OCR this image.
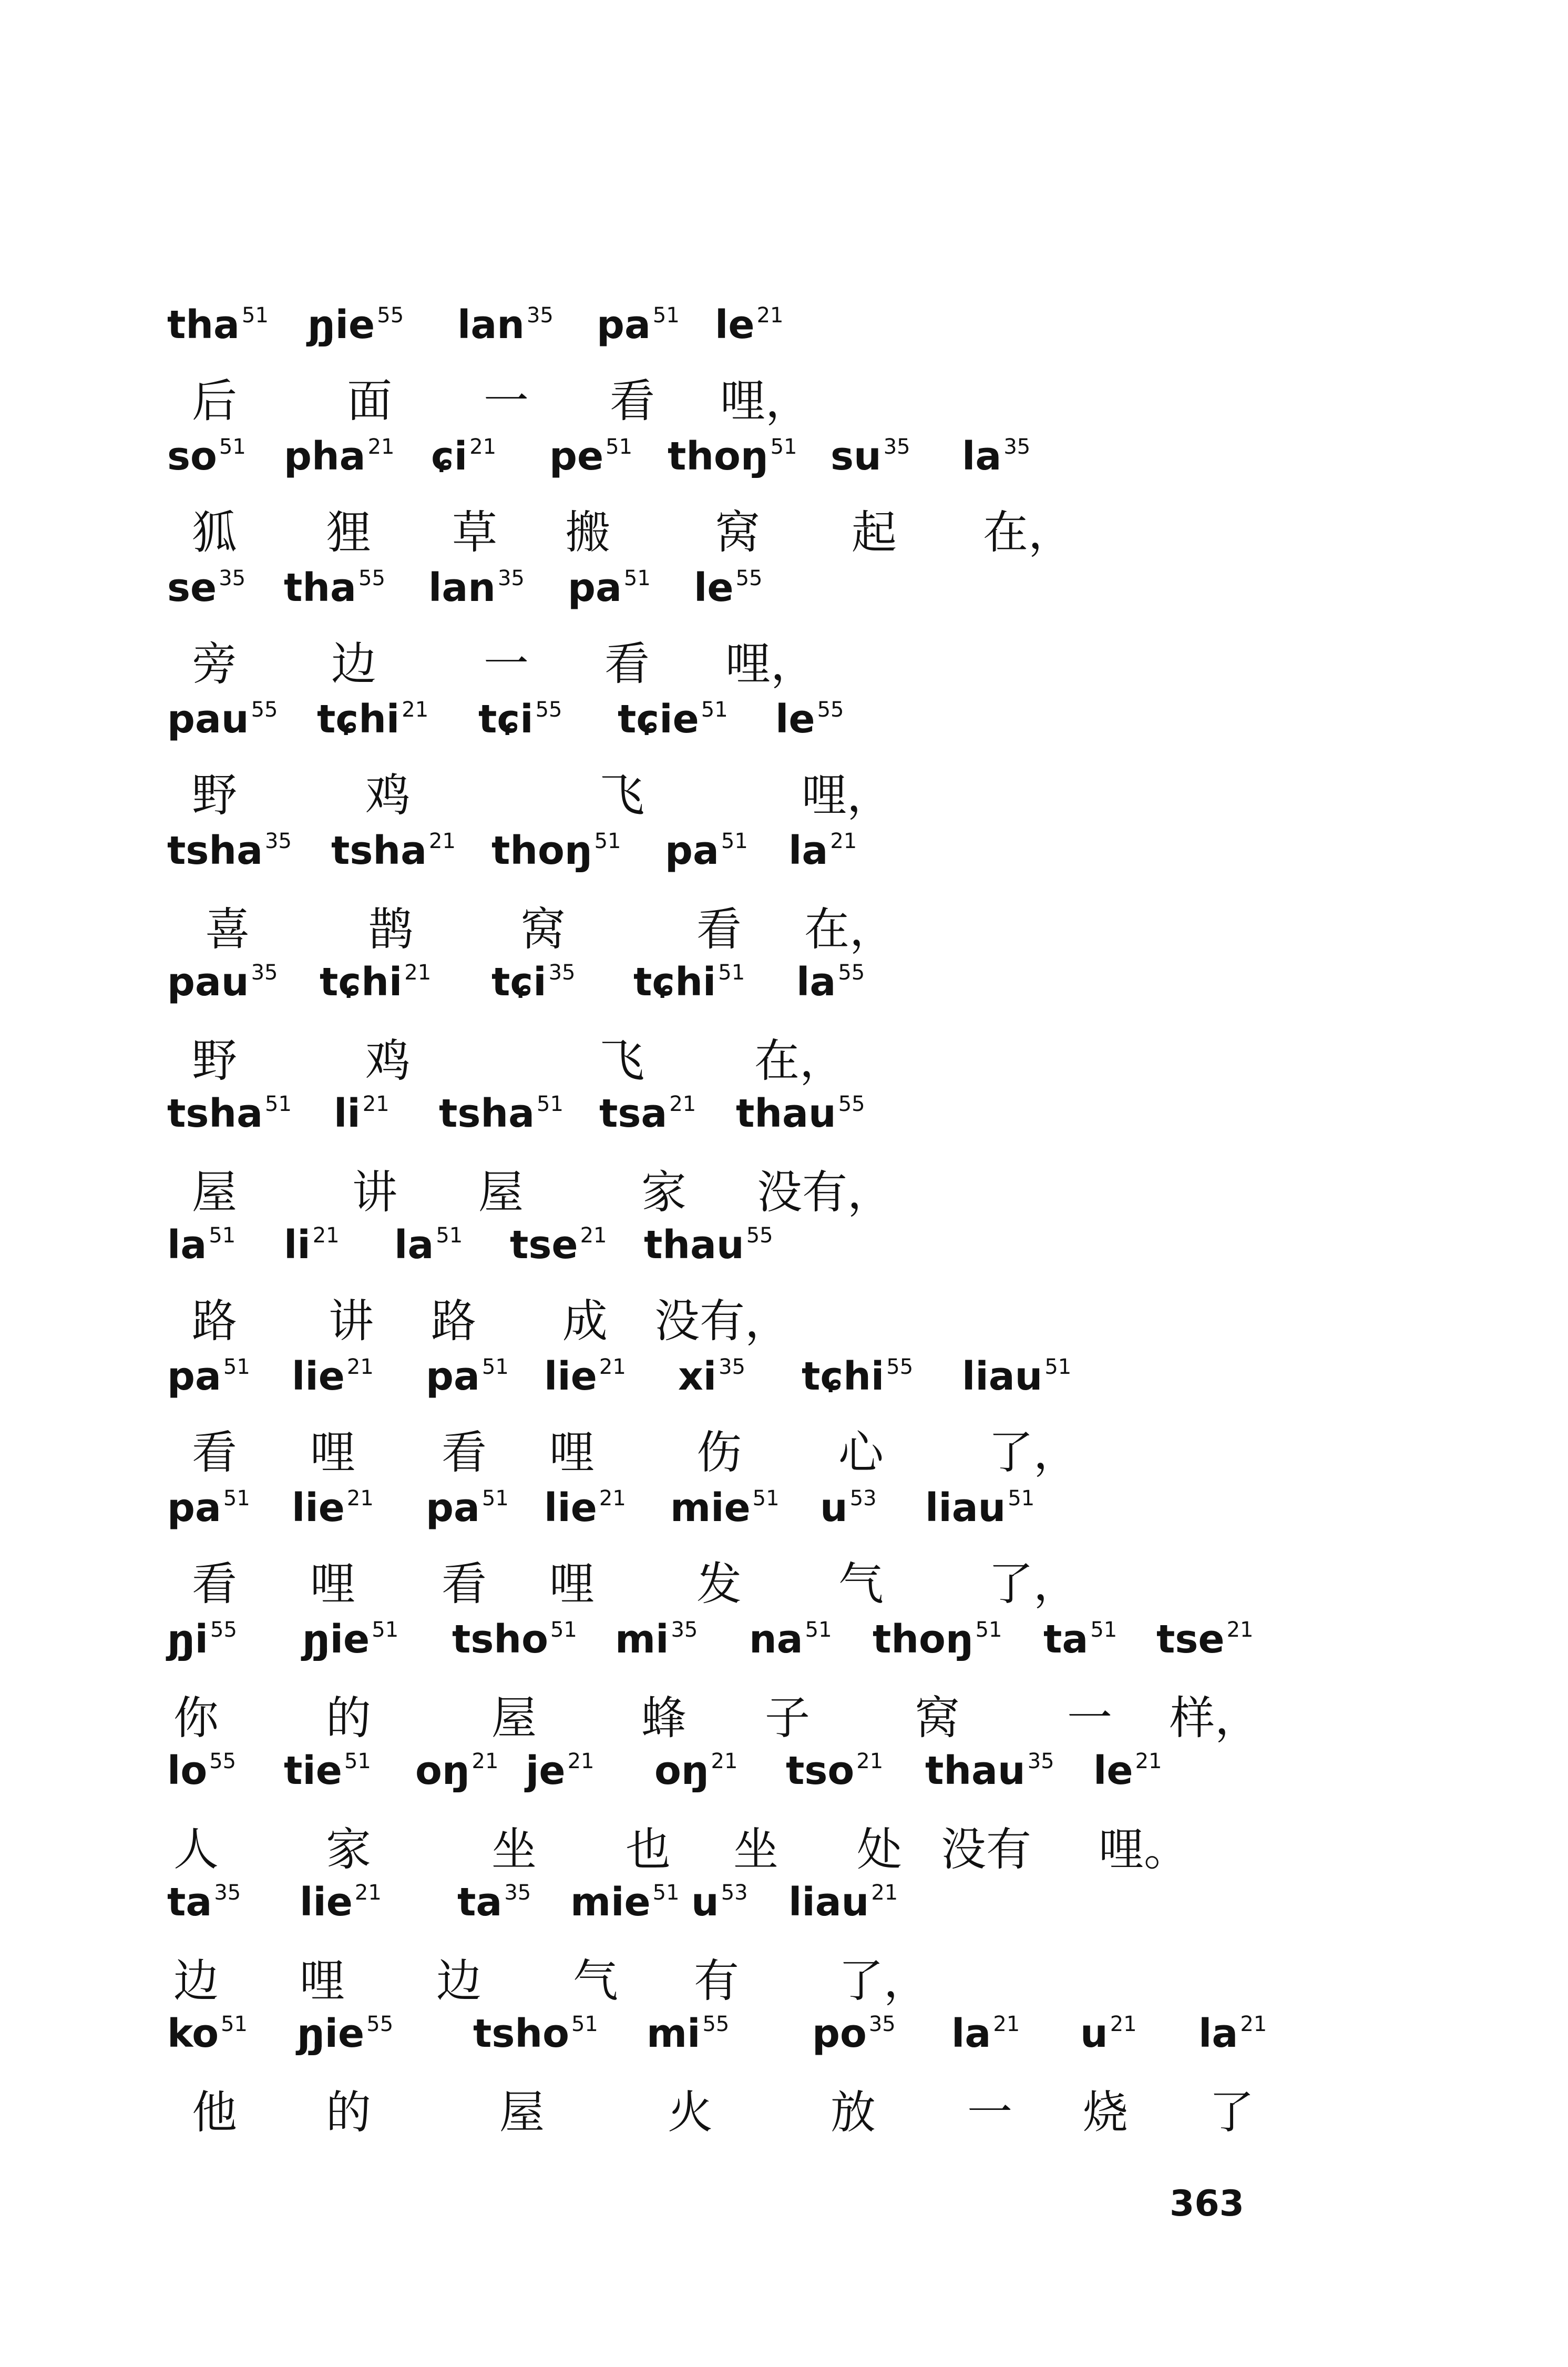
tha $^{51}$ ɲ̡ie $^{55}$ lan $^{35}$ pa $^{51}$ le $^{21}$
后 面 一 看 哩，
so $^{51}$ pha $^{21}$ ɕi $^{21}$ pe $^{51}$ thoŋ $^{51}$ su $^{35}$ la $^{35}$
狐 狸 草 搬 窝 起 在，
se $^{35}$ tha $^{55}$ lan $^{35}$ pa $^{51}$ le $^{55}$
旁 边 一 看 哩，
pau $^{55}$ tɕhi $^{21}$ tɕi $^{55}$ tɕie $^{51}$ le $^{55}$
野	鸡	飞	哩，
tsha $^{35}$ tsha $^{21}$ thoŋ $^{51}$ pa $^{51}$ la $^{21}$
喜	鹊 窝	看 在，
pau $^{35}$ tɕhi $^{21}$ tɕi $^{35}$ tɕhi $^{51}$ la $^{55}$
野	鸡	飞 在，
tsha $^{51}$ li $^{21}$ tsha $^{51}$ tsa $^{21}$ thau $^{55}$
屋	讲 屋	家 没有，
la $^{51}$ li $^{21}$ la $^{51}$ tse $^{21}$ thau $^{55}$
路 讲 路 成 没有，
pa $^{51}$ lie $^{21}$ pa $^{51}$ lie $^{21}$ xi $^{35}$ tɕhi $^{55}$ liau $^{51}$
看 哩 看 哩 伤 心 了，
pa $^{51}$ lie $^{21}$ pa $^{51}$ lie $^{21}$ mie $^{51}$ u $^{53}$ liau $^{51}$
看 哩 看 哩 发 气 了，
ɲ̡i $^{55}$ ɲ̡ie $^{51}$ tsho $^{51}$ mi $^{35}$ na $^{51}$ thoŋ $^{51}$ ta $^{51}$ tse $^{21}$
你 的	屋 蜂 子 窝 一 样，
lo $^{55}$ tie $^{51}$ oŋ $^{21}$ je $^{21}$ oŋ $^{21}$ tso $^{21}$ thau $^{35}$ le $^{21}$
人 家	坐 也 坐 处 没有 哩。
ta $^{35}$ lie $^{21}$ ta $^{35}$ mie $^{51}$ u $^{53}$ liau $^{21}$
边 哩 边 气 有 了，
ko $^{51}$ ɲ̡ie $^{55}$ tsho $^{51}$ mi $^{55}$ po $^{35}$ la $^{21}$ u $^{21}$ la $^{21}$
他 的	屋	火	放 一 烧 了
363
